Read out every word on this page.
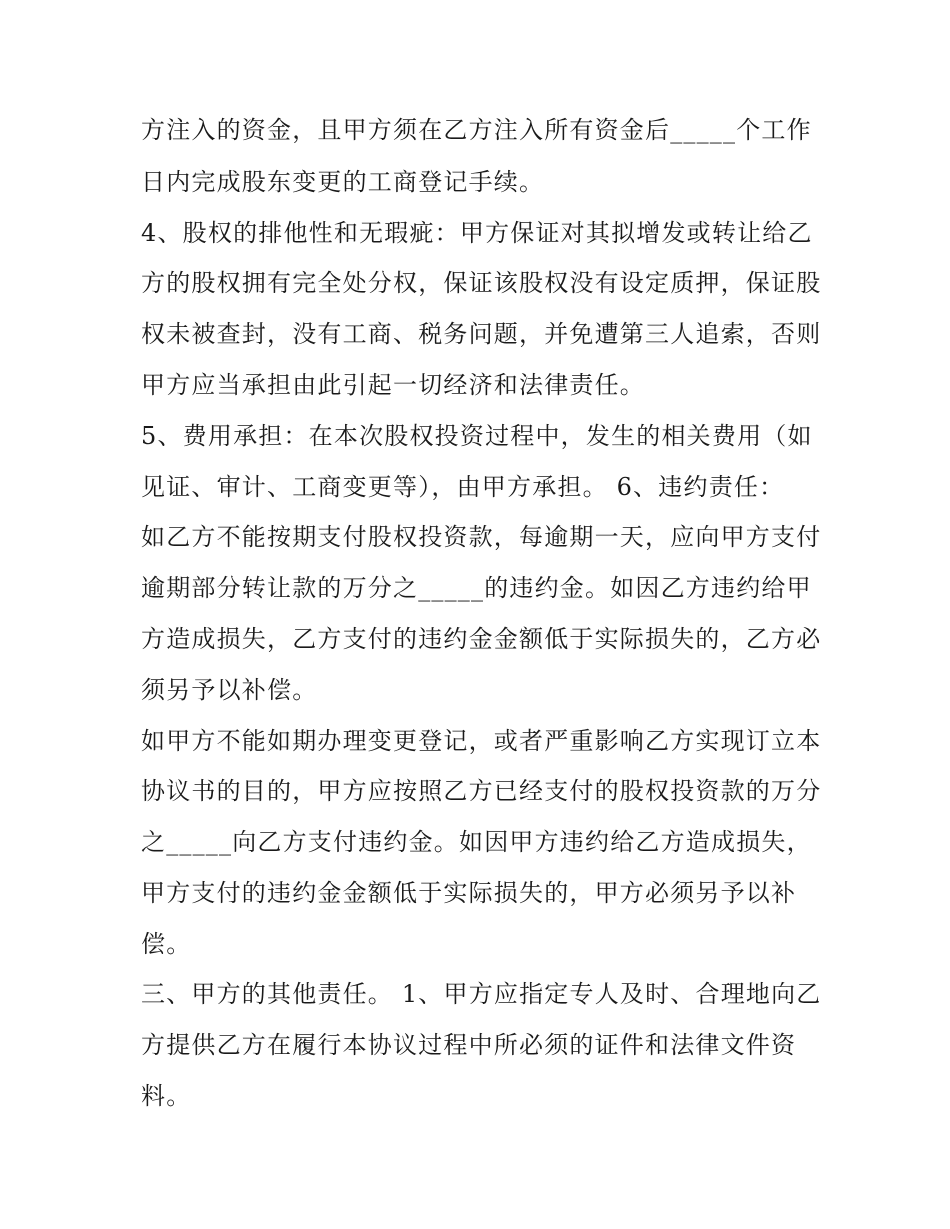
方注入的资金，且甲方须在乙方注入所有资金后_____个工作
日内完成股东变更的工商登记手续。
4、股权的排他性和无瑕疵：甲方保证对其拟增发或转让给乙
方的股权拥有完全处分权，保证该股权没有设定质押，保证股
权未被查封，没有工商、税务问题，并免遭第三人追索，否则
甲方应当承担由此引起一切经济和法律责任。
5、费用承担：在本次股权投资过程中，发生的相关费用（如
见证、审计、工商变更等），由甲方承担。 6、违约责任：
如乙方不能按期支付股权投资款，每逾期一天，应向甲方支付
逾期部分转让款的万分之_____的违约金。如因乙方违约给甲
方造成损失，乙方支付的违约金金额低于实际损失的，乙方必
须另予以补偿。
如甲方不能如期办理变更登记，或者严重影响乙方实现订立本
协议书的目的，甲方应按照乙方已经支付的股权投资款的万分
之_____向乙方支付违约金。如因甲方违约给乙方造成损失，
甲方支付的违约金金额低于实际损失的，甲方必须另予以补
偿。
三、甲方的其他责任。 1、甲方应指定专人及时、合理地向乙
方提供乙方在履行本协议过程中所必须的证件和法律文件资
料。
